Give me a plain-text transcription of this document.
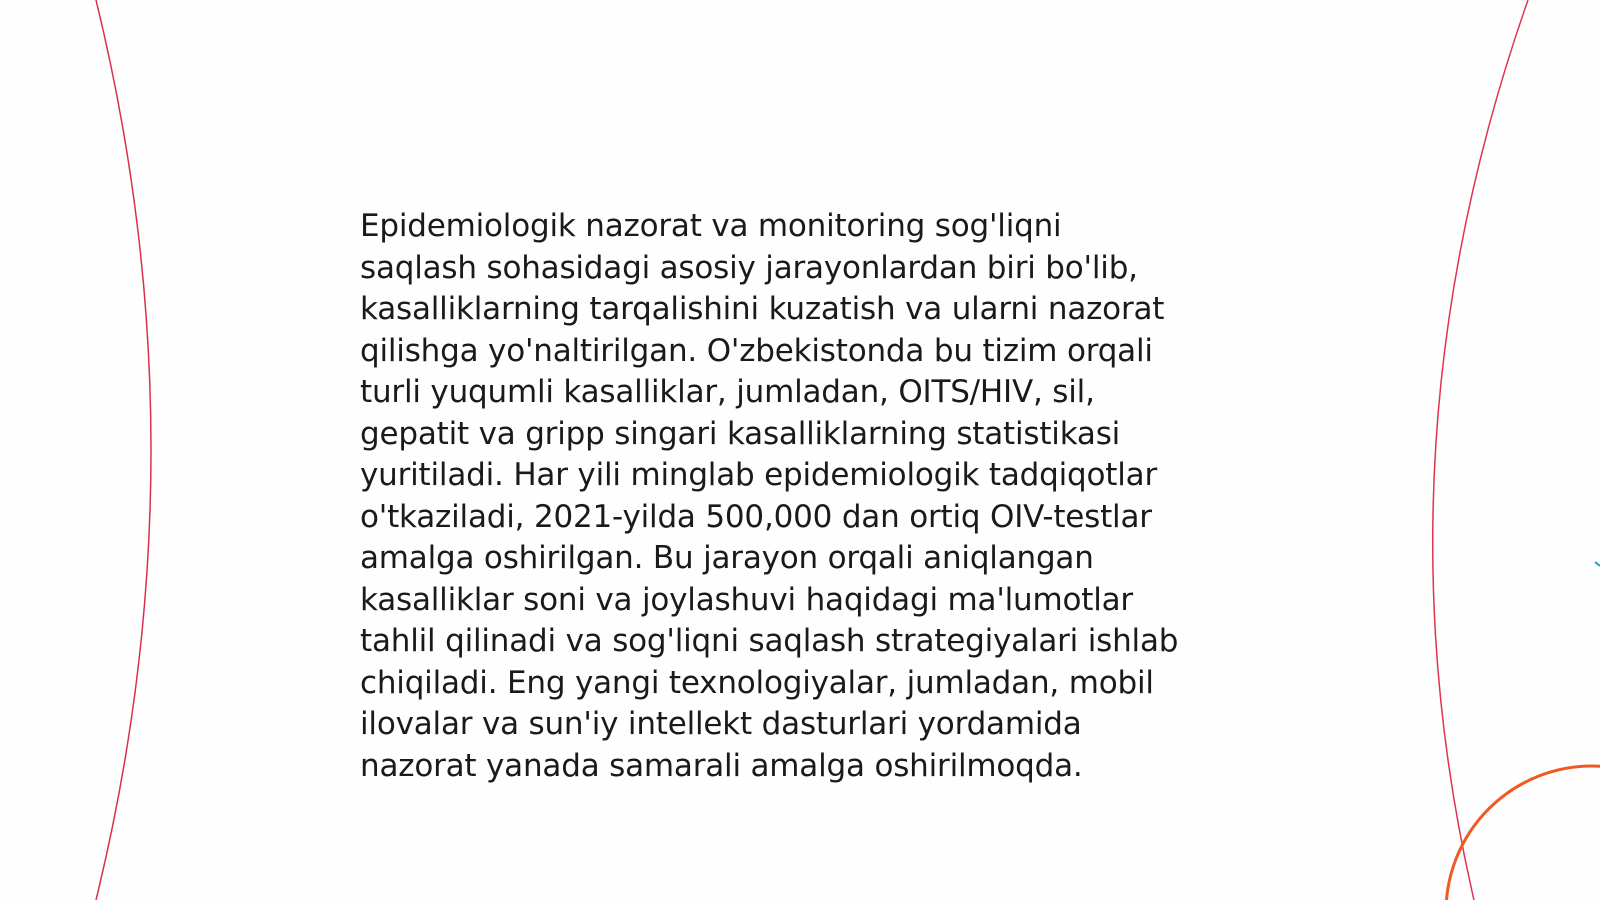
Epidemiologik nazorat va monitoring sog'liqni
saqlash sohasidagi asosiy jarayonlardan biri bo'lib,
kasalliklarning tarqalishini kuzatish va ularni nazorat
qilishga yo'naltirilgan. O'zbekistonda bu tizim orqali
turli yuqumli kasalliklar, jumladan, OITS/HIV, sil,
gepatit va gripp singari kasalliklarning statistikasi
yuritiladi. Har yili minglab epidemiologik tadqiqotlar
o'tkaziladi, 2021-yilda 500,000 dan ortiq OIV-testlar
amalga oshirilgan. Bu jarayon orqali aniqlangan
kasalliklar soni va joylashuvi haqidagi ma'lumotlar
tahlil qilinadi va sog'liqni saqlash strategiyalari ishlab
chiqiladi. Eng yangi texnologiyalar, jumladan, mobil
ilovalar va sun'iy intellekt dasturlari yordamida
nazorat yanada samarali amalga oshirilmoqda.
